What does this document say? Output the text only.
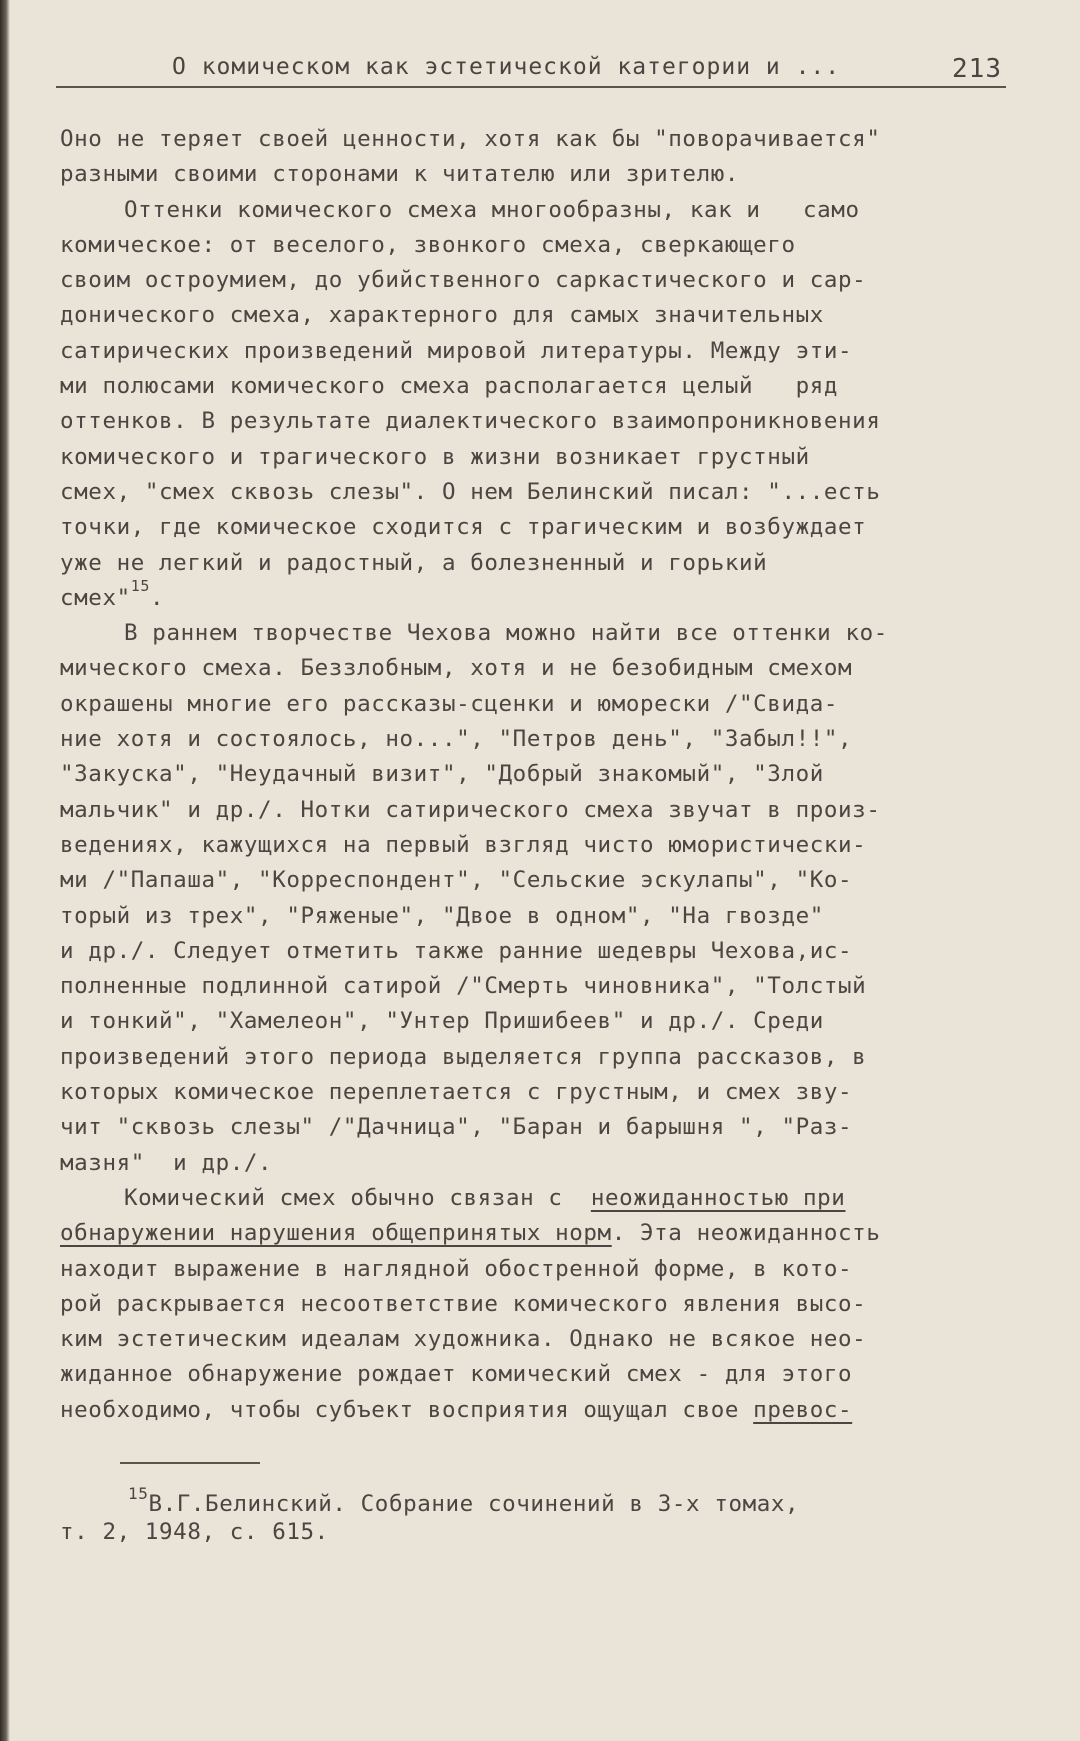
О комическом как эстетической категории и ...	213
Оно не теряет своей ценности, хотя как бы "поворачивается"
разными своими сторонами к читателю или зрителю.
Оттенки комического смеха многообразны, как и   само
комическое: от веселого, звонкого смеха, сверкающего
своим остроумием, до убийственного саркастического и сар-
донического смеха, характерного для самых значительных
сатирических произведений мировой литературы. Между эти-
ми полюсами комического смеха располагается целый   ряд
оттенков. В результате диалектического взаимопроникновения
комического и трагического в жизни возникает грустный
смех, "смех сквозь слезы". О нем Белинский писал: "...есть
точки, где комическое сходится с трагическим и возбуждает
уже не легкий и радостный, а болезненный и горький
смех"$^{15}$.
В раннем творчестве Чехова можно найти все оттенки ко-
мического смеха. Беззлобным, хотя и не безобидным смехом
окрашены многие его рассказы-сценки и юморески /"Свида-
ние хотя и состоялось, но...", "Петров день", "Забыл!!",
"Закуска", "Неудачный визит", "Добрый знакомый", "Злой
мальчик" и др./. Нотки сатирического смеха звучат в произ-
ведениях, кажущихся на первый взгляд чисто юмористически-
ми /"Папаша", "Корреспондент", "Сельские эскулапы", "Ко-
торый из трех", "Ряженые", "Двое в одном", "На гвозде"
и др./. Следует отметить также ранние шедевры Чехова,ис-
полненные подлинной сатирой /"Смерть чиновника", "Толстый
и тонкий", "Хамелеон", "Унтер Пришибеев" и др./. Среди
произведений этого периода выделяется группа рассказов, в
которых комическое переплетается с грустным, и смех зву-
чит "сквозь слезы" /"Дачница", "Баран и барышня ", "Раз-
мазня"  и др./.
Комический смех обычно связан с  неожиданностью при
обнаружении нарушения общепринятых норм. Эта неожиданность
находит выражение в наглядной обостренной форме, в кото-
рой раскрывается несоответствие комического явления высо-
ким эстетическим идеалам художника. Однако не всякое нео-
жиданное обнаружение рождает комический смех - для этого
необходимо, чтобы субъект восприятия ощущал свое превос-
$^{15}$В.Г.Белинский. Собрание сочинений в 3-х томах,
т. 2, 1948, с. 615.
